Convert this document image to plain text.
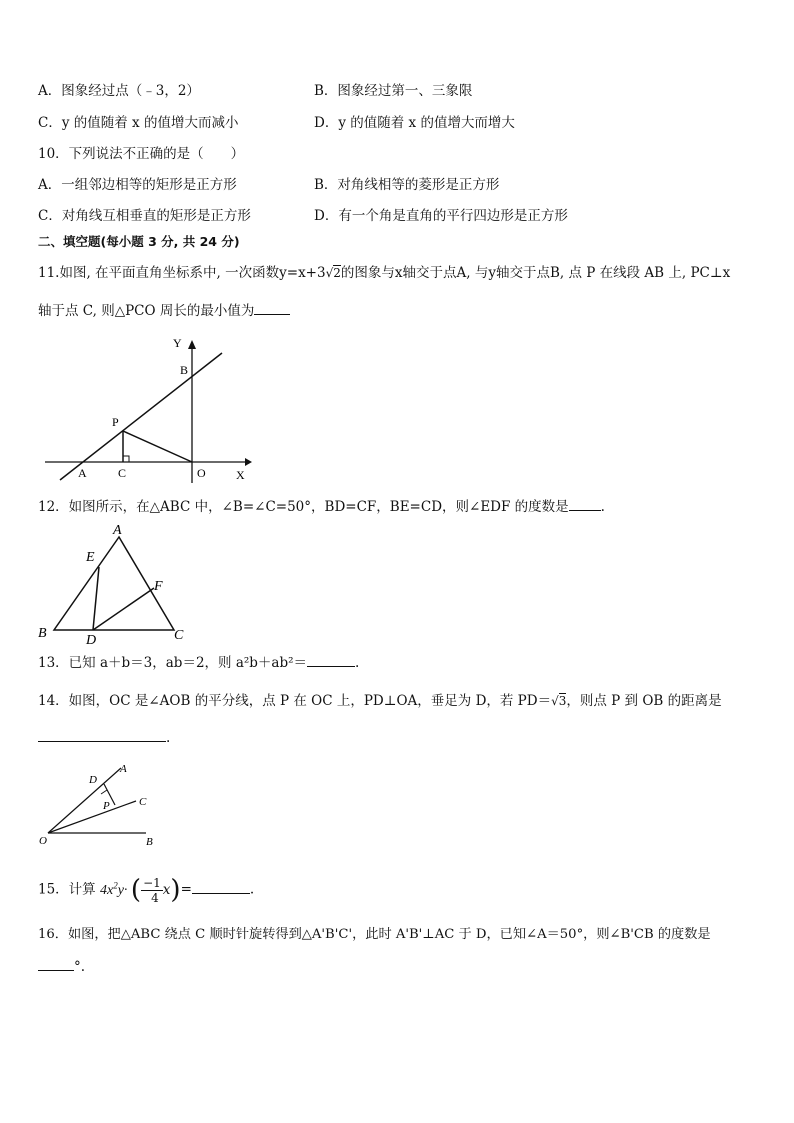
A．图象经过点（﹣3，2）	B．图象经过第一、三象限
C．y 的值随着 x 的值增大而减小	D．y 的值随着 x 的值增大而增大
10．下列说法不正确的是（　　）
A．一组邻边相等的矩形是正方形	B．对角线相等的菱形是正方形
C．对角线互相垂直的矩形是正方形	D．有一个角是直角的平行四边形是正方形
二、填空题(每小题 3 分, 共 24 分)
11.如图, 在平面直角坐标系中, 一次函数y=x+3√2的图象与x轴交于点A, 与y轴交于点B, 点 P 在线段 AB 上, PC⊥x
轴于点 C, 则△PCO 周长的最小值为
Y
B
P
A	C	O	X
12．如图所示，在△ABC 中，∠B=∠C=50°，BD=CF，BE=CD，则∠EDF 的度数是 .
A
E
F
B	D	C
13．已知 a＋b＝3，ab＝2，则 a²b＋ab²＝	.
14．如图，OC 是∠AOB 的平分线，点 P 在 OC 上，PD⊥OA，垂足为 D，若 PD＝√3，则点 P 到 OB 的距离是
.
A
D
P	C
O	B
15．计算 $4x^2y\cdot$ ( $\frac{-1}{4} x)=$	.
16．如图，把△ABC 绕点 C 顺时针旋转得到△A'B'C'，此时 A'B'⊥AC 于 D，已知∠A＝50°，则∠B'CB 的度数是
°.
